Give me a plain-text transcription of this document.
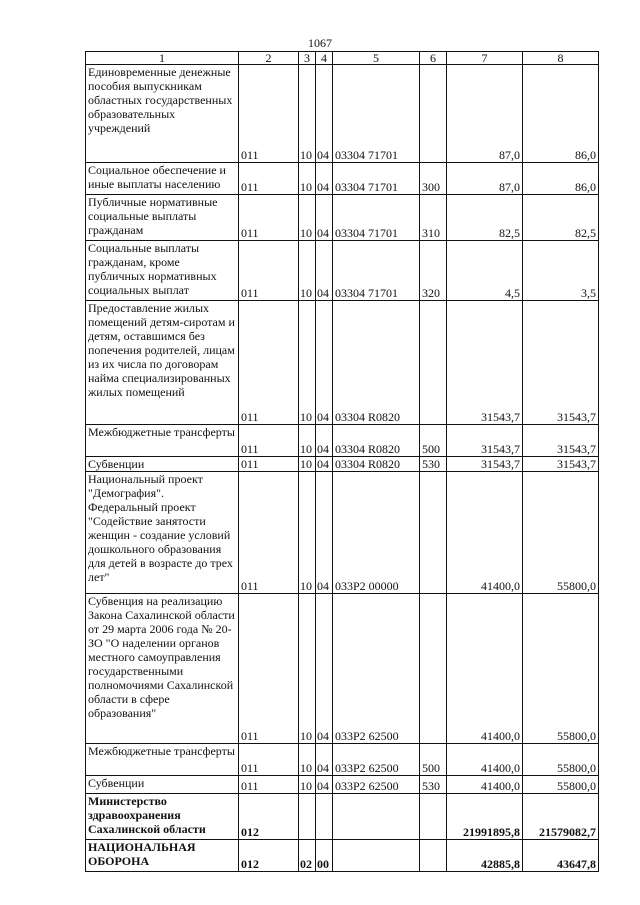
1067
1	2	3	4	5	6	7	8
Единовременные денежные пособия выпускникам областных государственных образовательных учреждений	011	10	04	03304 71701		87,0	86,0
Социальное обеспечение и иные выплаты населению	011	10	04	03304 71701	300	87,0	86,0
Публичные нормативные социальные выплаты гражданам	011	10	04	03304 71701	310	82,5	82,5
Социальные выплаты гражданам, кроме публичных нормативных социальных выплат	011	10	04	03304 71701	320	4,5	3,5
Предоставление жилых помещений детям-сиротам и детям, оставшимся без попечения родителей, лицам из их числа по договорам найма специализированных жилых помещений	011	10	04	03304 R0820		31543,7	31543,7
Межбюджетные трансферты	011	10	04	03304 R0820	500	31543,7	31543,7
Субвенции	011	10	04	03304 R0820	530	31543,7	31543,7
Национальный проект "Демография". Федеральный проект "Содействие занятости женщин - создание условий дошкольного образования для детей в возрасте до трех лет"	011	10	04	033P2 00000		41400,0	55800,0
Субвенция на реализацию Закона Сахалинской области от 29 марта 2006 года № 20-ЗО "О наделении органов местного самоуправления государственными полномочиями Сахалинской области в сфере образования"	011	10	04	033P2 62500		41400,0	55800,0
Межбюджетные трансферты	011	10	04	033P2 62500	500	41400,0	55800,0
Субвенции	011	10	04	033P2 62500	530	41400,0	55800,0
Министерство здравоохранения Сахалинской области	012					21991895,8	21579082,7
НАЦИОНАЛЬНАЯ ОБОРОНА	012	02	00			42885,8	43647,8
